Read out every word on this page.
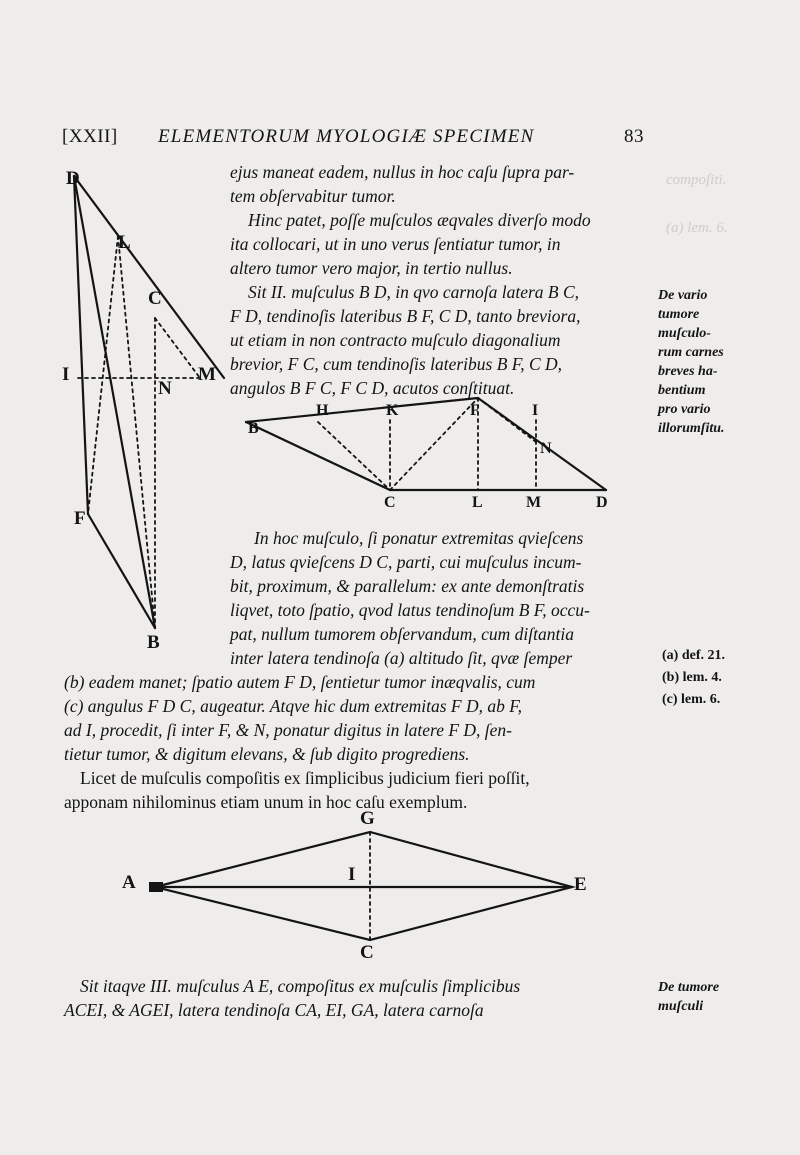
compoſiti.
(a) lem. 6.
[XXII] ELEMENTORUM MYOLOGIÆ SPECIMEN	83
ejus maneat eadem, nullus in hoc caſu ſupra par-
tem obſervabitur tumor.
Hinc patet, poſſe muſculos æqvales diverſo modo
ita collocari, ut in uno verus ſentiatur tumor, in
altero tumor vero major, in tertio nullus.
Sit II. muſculus B D, in qvo carnoſa latera B C,
F D, tendinoſis lateribus B F, C D, tanto breviora,
ut etiam in non contracto muſculo diagonalium
brevior, F C, cum tendinoſis lateribus B F, C D,
angulos B F C, F C D, acutos conſtituat.
De vario
tumore
muſculo-
rum carnes
breves ha-
bentium
pro vario
illorumſitu.
D
L
C
I
N
M
F
B
B
H	K	F	I
N
C	L	M	D
In hoc muſculo, ſi ponatur extremitas qvieſcens
D, latus qvieſcens D C, parti, cui muſculus incum-
bit, proximum, & parallelum: ex ante demonſtratis
liqvet, toto ſpatio, qvod latus tendinoſum B F, occu-
pat, nullum tumorem obſervandum, cum diſtantia
inter latera tendinoſa (a) altitudo ſit, qvæ ſemper
(b) eadem manet; ſpatio autem F D, ſentietur tumor inæqvalis, cum
(c) angulus F D C, augeatur. Atqve hic dum extremitas F D, ab F,
ad I, procedit, ſi inter F, & N, ponatur digitus in latere F D, ſen-
tietur tumor, & digitum elevans, & ſub digito progrediens.
(a) def. 21.
(b) lem. 4.
(c) lem. 6.
Licet de muſculis compoſitis ex ſimplicibus judicium fieri poſſit,
apponam nihilominus etiam unum in hoc caſu exemplum.
G
A	I	E
C
Sit itaqve III. muſculus A E, compoſitus ex muſculis ſimplicibus
ACEI, & AGEI, latera tendinoſa CA, EI, GA, latera carnoſa
De tumore
muſculi
